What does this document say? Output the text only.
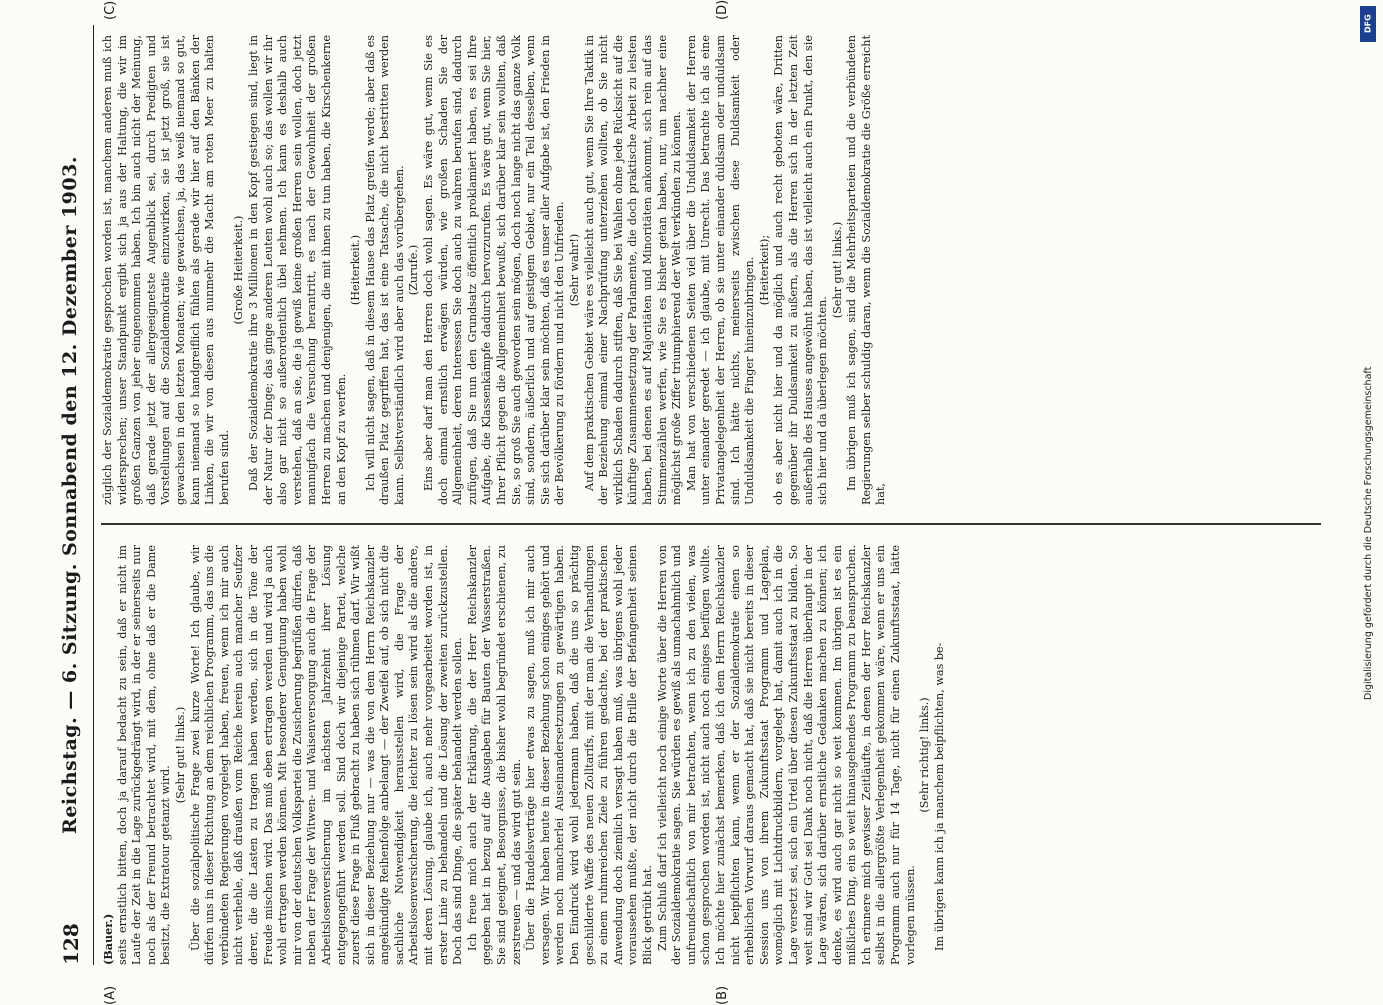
128
Reichstag. — 6. Sitzung. Sonnabend den 12. Dezember 1903.

(Bauer.) seits ernstlich bitten, doch ja darauf bedacht zu sein, daß er nicht im Laufe der Zeit in die Lage zurückgedrängt wird, in der er seinerseits nur noch als der Freund betrachtet wird, mit dem, ohne daß er die Dame besitzt, die Extratour getanzt wird.

(Sehr gut! links.) Über die sozialpolitische Frage zwei kurze Worte! Ich glaube, wir dürfen uns in dieser Richtung an dem reichlichen Programm, das uns die verbündeten Regierungen vorgelegt haben, freuen, wenn ich mir auch nicht verhehle, daß draußen vom Reiche herein auch mancher Seufzer derer, die die Lasten zu tragen haben werden, sich in die Töne der Freude mischen wird. Das muß eben ertragen werden und wird ja auch wohl ertragen werden können. Mit besonderer Genugtuung haben wohl mir von der deutschen Volkspartei die Zusicherung begrüßen dürfen, daß neben der Frage der Witwen- und Waisenversorgung auch die Frage der Arbeitslosenversicherung im nächsten Jahrzehnt ihrer Lösung entgegengeführt werden soll. Sind doch wir diejenige Partei, welche zuerst diese Frage in Fluß gebracht zu haben sich rühmen darf. Wir wißt sich in dieser Beziehung nur — was die von dem Herrn Reichskanzler angekündigte Reihenfolge anbelangt — der Zweifel auf, ob sich nicht die sachliche Notwendigkeit herausstellen wird, die Frage der Arbeitslosenversicherung, die leichter zu lösen sein wird als die andere, mit deren Lösung, glaube ich, auch mehr vorgearbeitet worden ist, in erster Linie zu behandeln und die Lösung der zweiten zurückzustellen. Doch das sind Dinge, die später behandelt werden sollen. Ich freue mich auch der Erklärung, die der Herr Reichskanzler gegeben hat in bezug auf die Ausgaben für Bauten der Wasserstraßen. Sie sind geeignet, Besorgnisse, die bisher wohl begründet erschienen, zu zerstreuen — und das wird gut sein. Über die Handelsverträge hier etwas zu sagen, muß ich mir auch versagen. Wir haben heute in dieser Beziehung schon einiges gehört und werden noch mancherlei Auseinandersetzungen zu gewärtigen haben. Den Eindruck wird wohl jedermann haben, daß die uns so prächtig geschilderte Waffe des neuen Zolltarifs, mit der man die Verhandlungen zu einem ruhmreichen Ziele zu führen gedachte, bei der praktischen Anwendung doch ziemlich versagt haben muß, was übrigens wohl jeder voraussehen mußte, der nicht durch die Brille der Befangenheit seinen Blick getrübt hat. Zum Schluß darf ich vielleicht noch einige Worte über die Herren von der Sozialdemokratie sagen. Sie würden es gewiß als unnachahmlich und unfreundschaftlich von mir betrachten, wenn ich zu den vielen, was schon gesprochen worden ist, nicht auch noch einiges beifügen wollte. Ich möchte hier zunächst bemerken, daß ich dem Herrn Reichskanzler nicht beipflichten kann, wenn er der Sozialdemokratie einen so erheblichen Vorwurf daraus gemacht hat, daß sie nicht bereits in dieser Session uns von ihrem Zukunftsstaat Programm und Lageplan, womöglich mit Lichtdruckbildern, vorgelegt hat, damit auch ich in die Lage versetzt sei, sich ein Urteil über diesen Zukunftsstaat zu bilden. So weit sind wir Gott sei Dank noch nicht, daß die Herren überhaupt in der Lage wären, sich darüber ernstliche Gedanken machen zu können; ich denke, es wird auch gar nicht so weit kommen. Im übrigen ist es ein mißliches Ding, ein so weit hinausgehendes Programm zu beanspruchen. Ich erinnere mich gewisser Zeitläufte, in denen der Herr Reichskanzler selbst in die allergrößte Verlegenheit gekommen wäre, wenn er uns ein Programm auch nur für 14 Tage, nicht für einen Zukunftsstaat, hätte vorlegen müssen.

(Sehr richtig! links.) Im übrigen kann ich ja manchem beipflichten, was be-

züglich der Sozialdemokratie gesprochen worden ist, manchem anderen muß ich widersprechen; unser Standpunkt ergibt sich ja aus der Haltung, die wir im großen Ganzen von jeher eingenommen haben. Ich bin auch nicht der Meinung, daß gerade jetzt der allergeeignetste Augenblick sei, durch Predigten und Vorstellungen auf die Sozialdemokratie einzuwirken, sie ist jetzt groß, sie ist gewachsen in den letzten Monaten; wie gewachsen, ja, das weiß niemand so gut, kann niemand so handgreiflich fühlen als gerade wir hier auf den Bänken der Linken, die wir von diesen aus nunmehr die Macht am roten Meer zu halten berufen sind.

(Große Heiterkeit.) Daß der Sozialdemokratie ihre 3 Millionen in den Kopf gestiegen sind, liegt in der Natur der Dinge; das ginge anderen Leuten wohl auch so; das wollen wir ihr also gar nicht so außerordentlich übel nehmen. Ich kann es deshalb auch verstehen, daß an sie, die ja gewiß keine großen Herren sein wollen, doch jetzt mannigfach die Versuchung herantritt, es nach der Gewohnheit der großen Herren zu machen und denjenigen, die mit ihnen zu tun haben, die Kirschenkerne an den Kopf zu werfen.

(Heiterkeit.) Ich will nicht sagen, daß in diesem Hause das Platz greifen werde; aber daß es draußen Platz gegriffen hat, das ist eine Tatsache, die nicht bestritten werden kann. Selbstverständlich wird aber auch das vorübergehen. (Zurufe.) Eins aber darf man den Herren doch wohl sagen. Es wäre gut, wenn Sie es doch einmal ernstlich erwägen würden, wie großen Schaden Sie der Allgemeinheit, deren Interessen Sie doch auch zu wahren berufen sind, dadurch zufügen, daß Sie nun den Grundsatz öffentlich proklamiert haben, es sei Ihre Aufgabe, die Klassenkämpfe dadurch hervorzurufen. Es wäre gut, wenn Sie hier, Ihrer Pflicht gegen die Allgemeinheit bewußt, sich darüber klar sein wollten, daß Sie, so groß Sie auch geworden sein mögen, doch noch lange nicht das ganze Volk sind, sondern, äußerlich und auf geistigem Gebiet, nur ein Teil desselben, wenn Sie sich darüber klar sein möchten, daß es unser aller Aufgabe ist, den Frieden in der Bevölkerung zu fördern und nicht den Unfrieden. (Sehr wahr!) Auf dem praktischen Gebiet wäre es vielleicht auch gut, wenn Sie Ihre Taktik in der Beziehung einmal einer Nachprüfung unterziehen wollten, ob Sie nicht wirklich Schaden dadurch stiften, daß Sie bei Wahlen ohne jede Rücksicht auf die künftige Zusammensetzung der Parlamente, die doch praktische Arbeit zu leisten haben, bei denen es auf Majoritäten und Minoritäten ankommt, sich rein auf das Stimmenzählen werfen, wie Sie es bisher getan haben, nur, um nachher eine möglichst große Ziffer triumphierend der Welt verkünden zu können. Man hat von verschiedenen Seiten viel über die Unduldsamkeit der Herren unter einander geredet — ich glaube, mit Unrecht. Das betrachte ich als eine Privatangelegenheit der Herren, ob sie unter einander duldsam oder unduldsam sind. Ich hätte nichts, meinerseits zwischen diese Duldsamkeit oder Unduldsamkeit die Finger hineinzubringen. (Heiterkeit); ob es aber nicht hier und da möglich und auch recht geboten wäre, Dritten gegenüber ihr Duldsamkeit zu äußern, als die Herren sich in der letzten Zeit außerhalb des Hauses angewöhnt haben, das ist vielleicht auch ein Punkt, den sie sich hier und da überlegen möchten.

(Sehr gut! links.) Im übrigen muß ich sagen, sind die Mehrheitsparteien und die verbündeten Regierungen selber schuldig daran, wenn die Sozialdemokratie die Größe erreicht hat,

(A)	(B)
(C)	(D)
DFG
Digitalisierung gefördert durch die Deutsche Forschungsgemeinschaft
